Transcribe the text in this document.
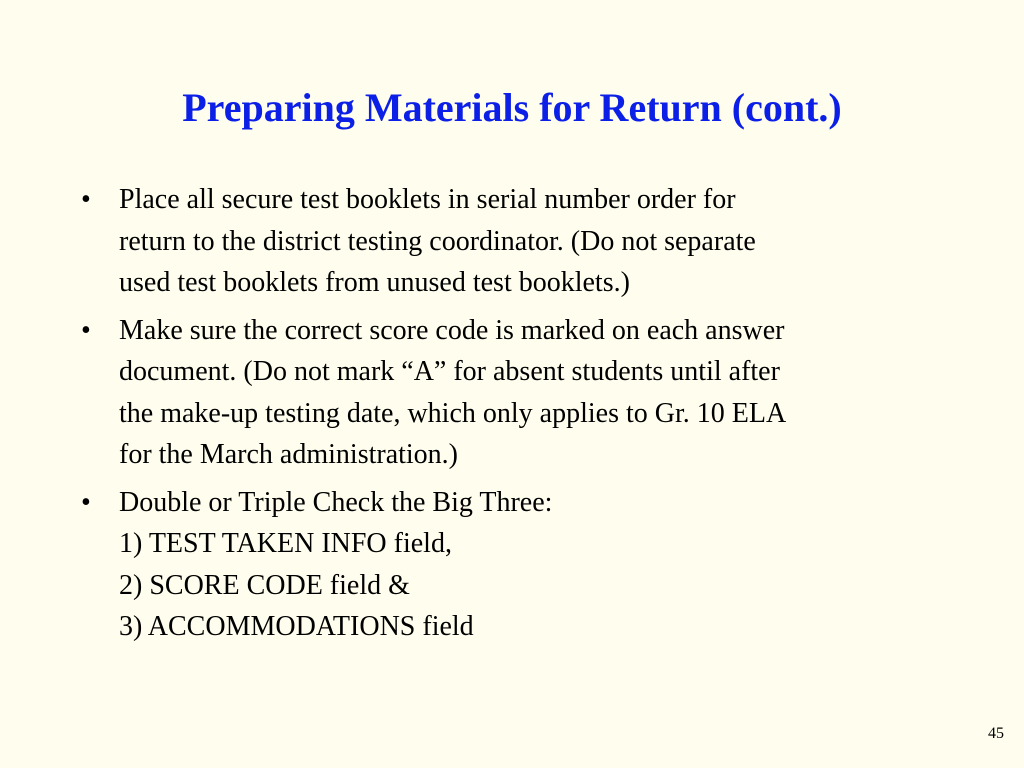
Preparing Materials for Return (cont.)
• Place all secure test booklets in serial number order for
return to the district testing coordinator. (Do not separate
used test booklets from unused test booklets.)
• Make sure the correct score code is marked on each answer
document. (Do not mark “A” for absent students until after
the make-up testing date, which only applies to Gr. 10 ELA
for the March administration.)
• Double or Triple Check the Big Three:
1) TEST TAKEN INFO field,
2) SCORE CODE field &
3) ACCOMMODATIONS field
45
